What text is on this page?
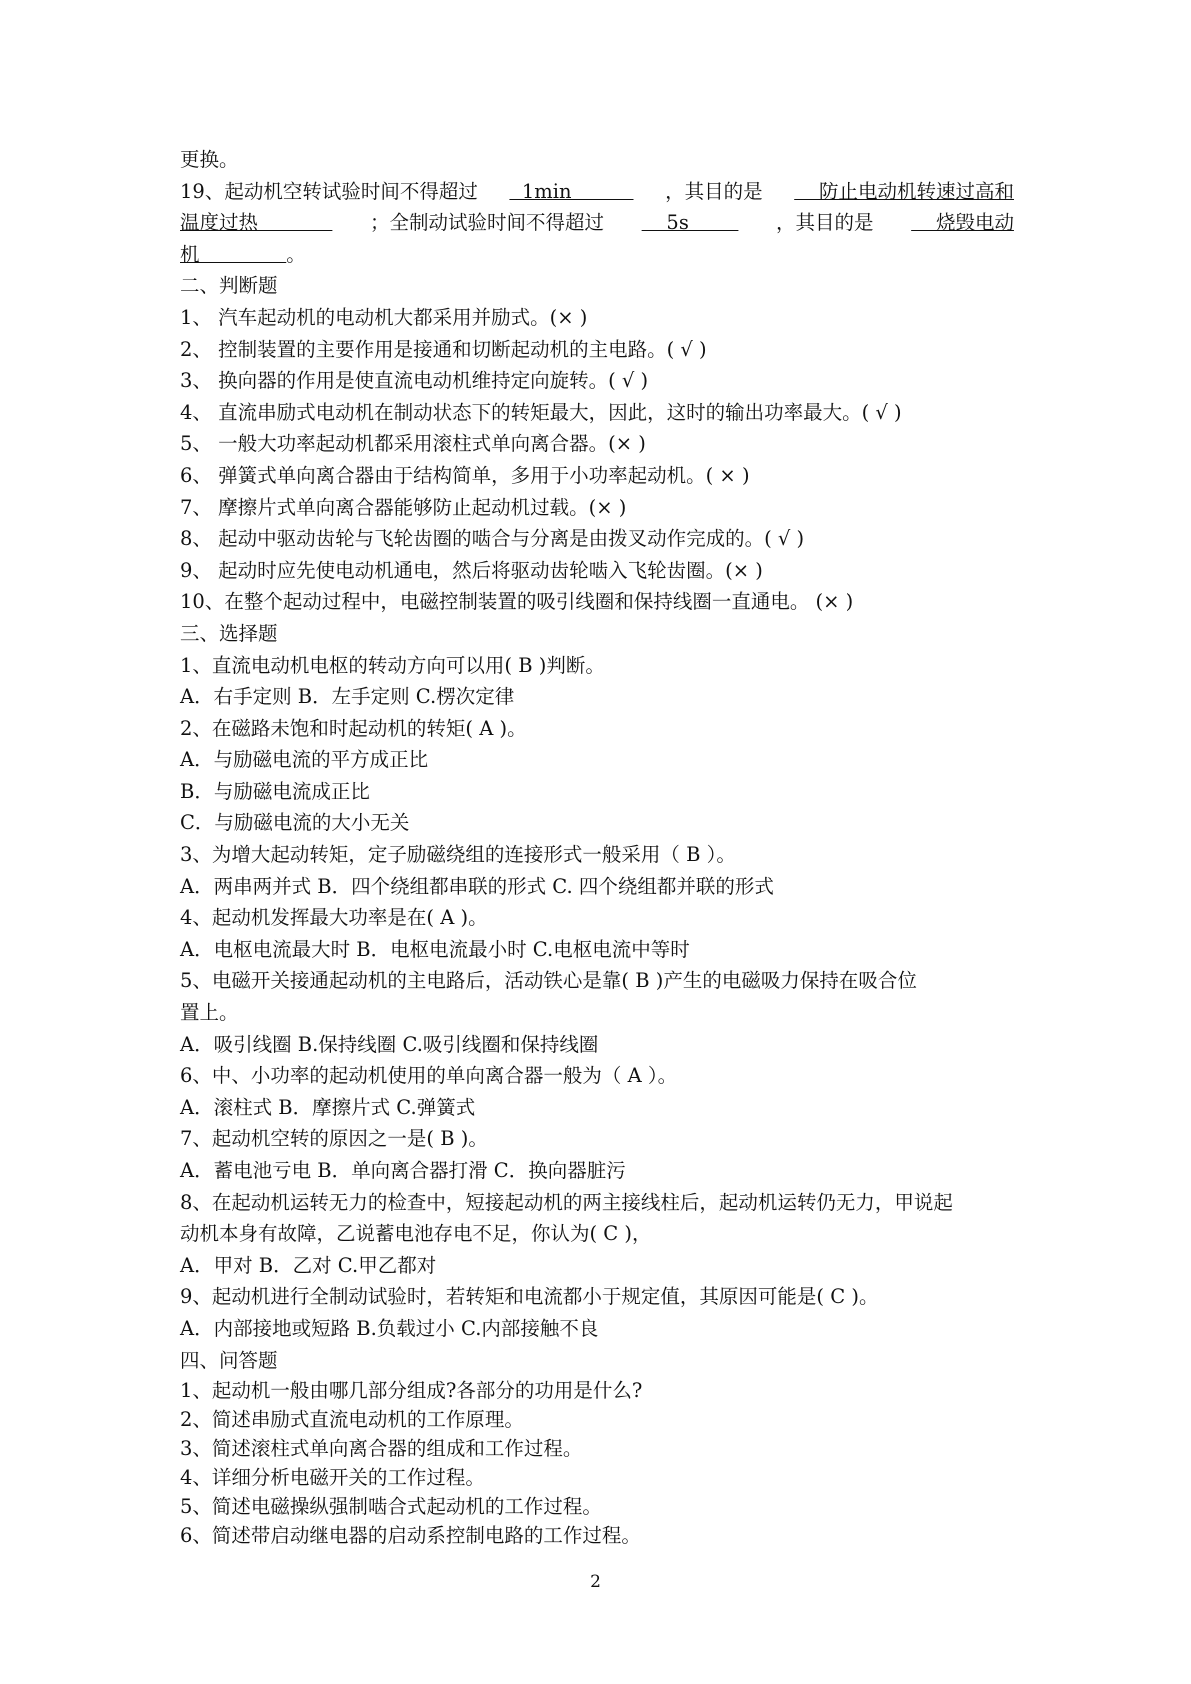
更换。
19、起动机空转试验时间不得超过 1min ，其目的是 防止电动机转速过高和
温度过热 ；全制动试验时间不得超过 5s ，其目的是 烧毁电动
机              。
二、判断题
1、 汽车起动机的电动机大都采用并励式。(× )
2、 控制装置的主要作用是接通和切断起动机的主电路。( √ )
3、 换向器的作用是使直流电动机维持定向旋转。( √ )
4、 直流串励式电动机在制动状态下的转矩最大，因此，这时的输出功率最大。( √ )
5、 一般大功率起动机都采用滚柱式单向离合器。(× )
6、 弹簧式单向离合器由于结构简单，多用于小功率起动机。( × )
7、 摩擦片式单向离合器能够防止起动机过载。(× )
8、 起动中驱动齿轮与飞轮齿圈的啮合与分离是由拨叉动作完成的。( √ )
9、 起动时应先使电动机通电，然后将驱动齿轮啮入飞轮齿圈。(× )
10、在整个起动过程中，电磁控制装置的吸引线圈和保持线圈一直通电。 (× )
三、选择题
1、直流电动机电枢的转动方向可以用( B )判断。
A．右手定则 B．左手定则 C.楞次定律
2、在磁路未饱和时起动机的转矩( A )。
A．与励磁电流的平方成正比
B．与励磁电流成正比
C．与励磁电流的大小无关
3、为增大起动转矩，定子励磁绕组的连接形式一般采用（ B ）。
A．两串两并式 B．四个绕组都串联的形式 C. 四个绕组都并联的形式
4、起动机发挥最大功率是在( A )。
A．电枢电流最大时 B．电枢电流最小时 C.电枢电流中等时
5、电磁开关接通起动机的主电路后，活动铁心是靠( B )产生的电磁吸力保持在吸合位
置上。
A．吸引线圈 B.保持线圈 C.吸引线圈和保持线圈
6、中、小功率的起动机使用的单向离合器一般为（ A ）。
A．滚柱式 B．摩擦片式 C.弹簧式
7、起动机空转的原因之一是( B )。
A．蓄电池亏电 B．单向离合器打滑 C．换向器脏污
8、在起动机运转无力的检查中，短接起动机的两主接线柱后，起动机运转仍无力，甲说起
动机本身有故障，乙说蓄电池存电不足，你认为( C )，
A．甲对 B．乙对 C.甲乙都对
9、起动机进行全制动试验时，若转矩和电流都小于规定值，其原因可能是( C )。
A．内部接地或短路 B.负载过小 C.内部接触不良
四、问答题
1、起动机一般由哪几部分组成?各部分的功用是什么?
2、简述串励式直流电动机的工作原理。
3、简述滚柱式单向离合器的组成和工作过程。
4、详细分析电磁开关的工作过程。
5、简述电磁操纵强制啮合式起动机的工作过程。
6、简述带启动继电器的启动系控制电路的工作过程。
2
